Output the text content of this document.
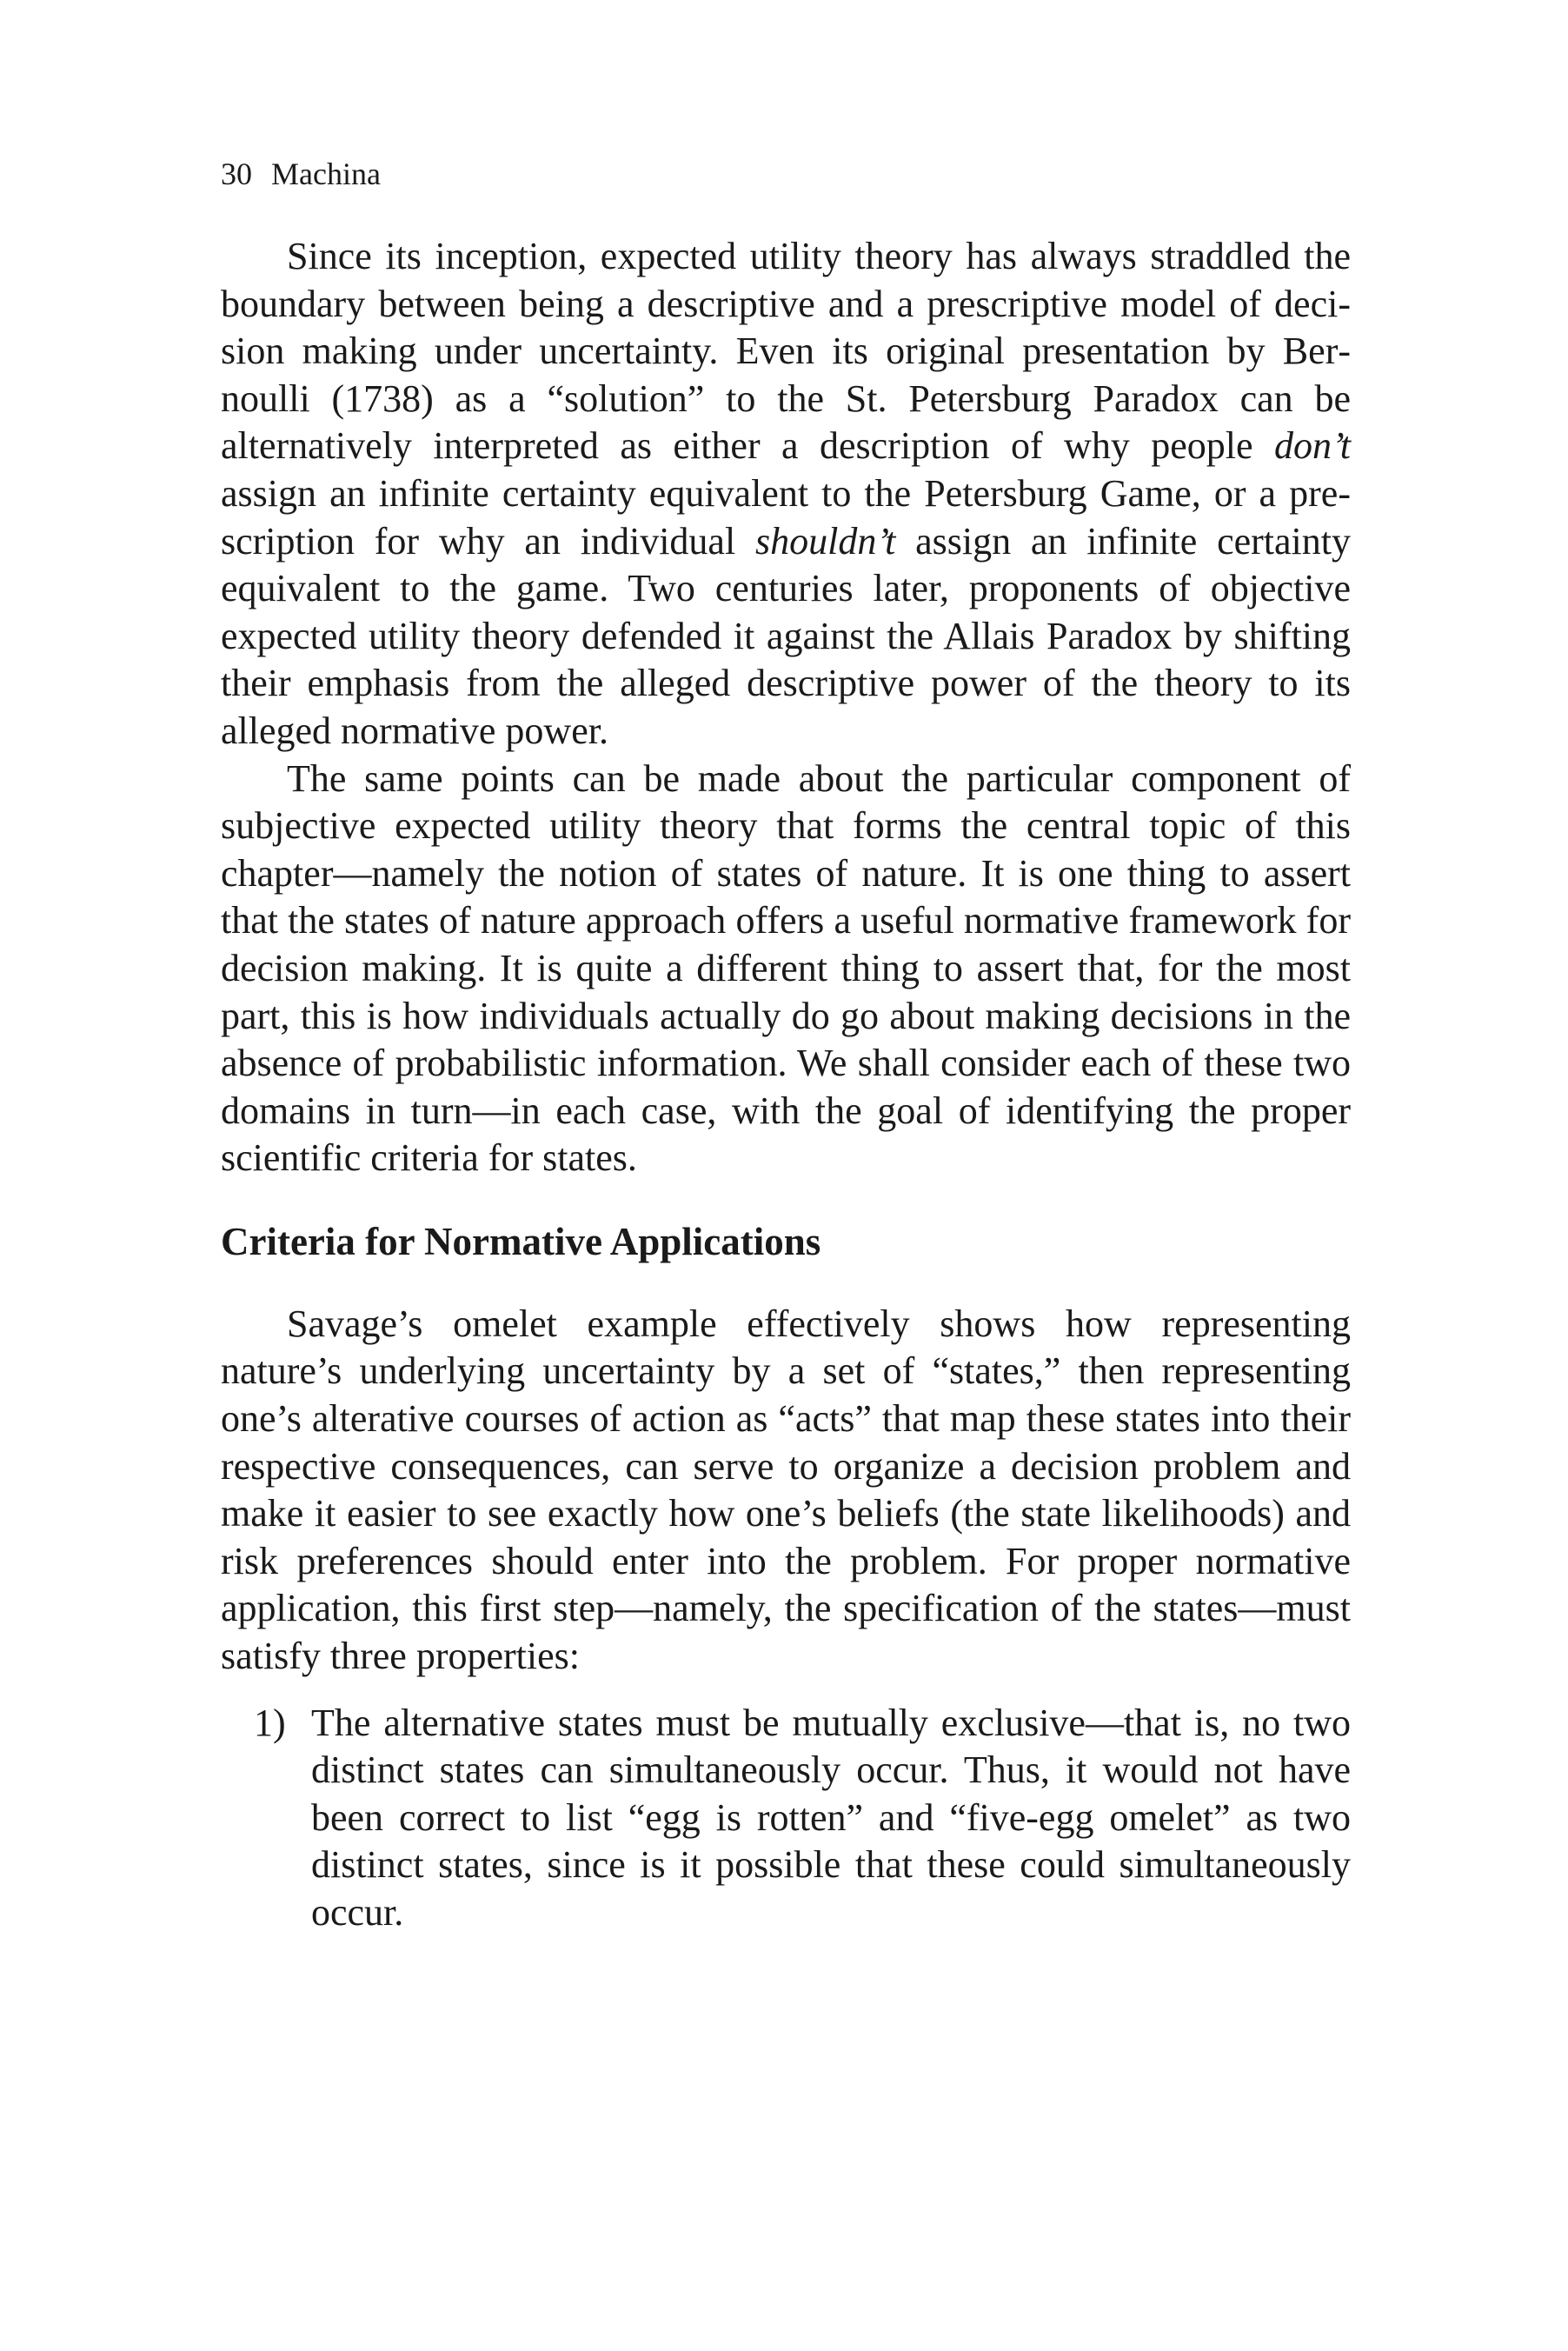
30 Machina

Since its inception, expected utility theory has always straddled the boundary between being a descriptive and a prescriptive model of decision making under uncertainty. Even its original presentation by Bernoulli (1738) as a “solution” to the St. Petersburg Paradox can be alternatively interpreted as either a description of why people don’t assign an infinite certainty equivalent to the Petersburg Game, or a prescription for why an individual shouldn’t assign an infinite certainty equivalent to the game. Two centuries later, proponents of objective expected utility theory defended it against the Allais Paradox by shifting their emphasis from the alleged descriptive power of the theory to its alleged normative power.

The same points can be made about the particular component of subjective expected utility theory that forms the central topic of this chapter—namely the notion of states of nature. It is one thing to assert that the states of nature approach offers a useful normative framework for decision making. It is quite a different thing to assert that, for the most part, this is how individuals actually do go about making decisions in the absence of probabilistic information. We shall consider each of these two domains in turn—in each case, with the goal of identifying the proper scientific criteria for states.

Criteria for Normative Applications

Savage’s omelet example effectively shows how representing nature’s underlying uncertainty by a set of “states,” then representing one’s alterative courses of action as “acts” that map these states into their respective consequences, can serve to organize a decision problem and make it easier to see exactly how one’s beliefs (the state likelihoods) and risk preferences should enter into the problem. For proper normative application, this first step—namely, the specification of the states—must satisfy three properties:

1) The alternative states must be mutually exclusive—that is, no two distinct states can simultaneously occur. Thus, it would not have been correct to list “egg is rotten” and “five-egg omelet” as two distinct states, since is it possible that these could simultaneously occur.
